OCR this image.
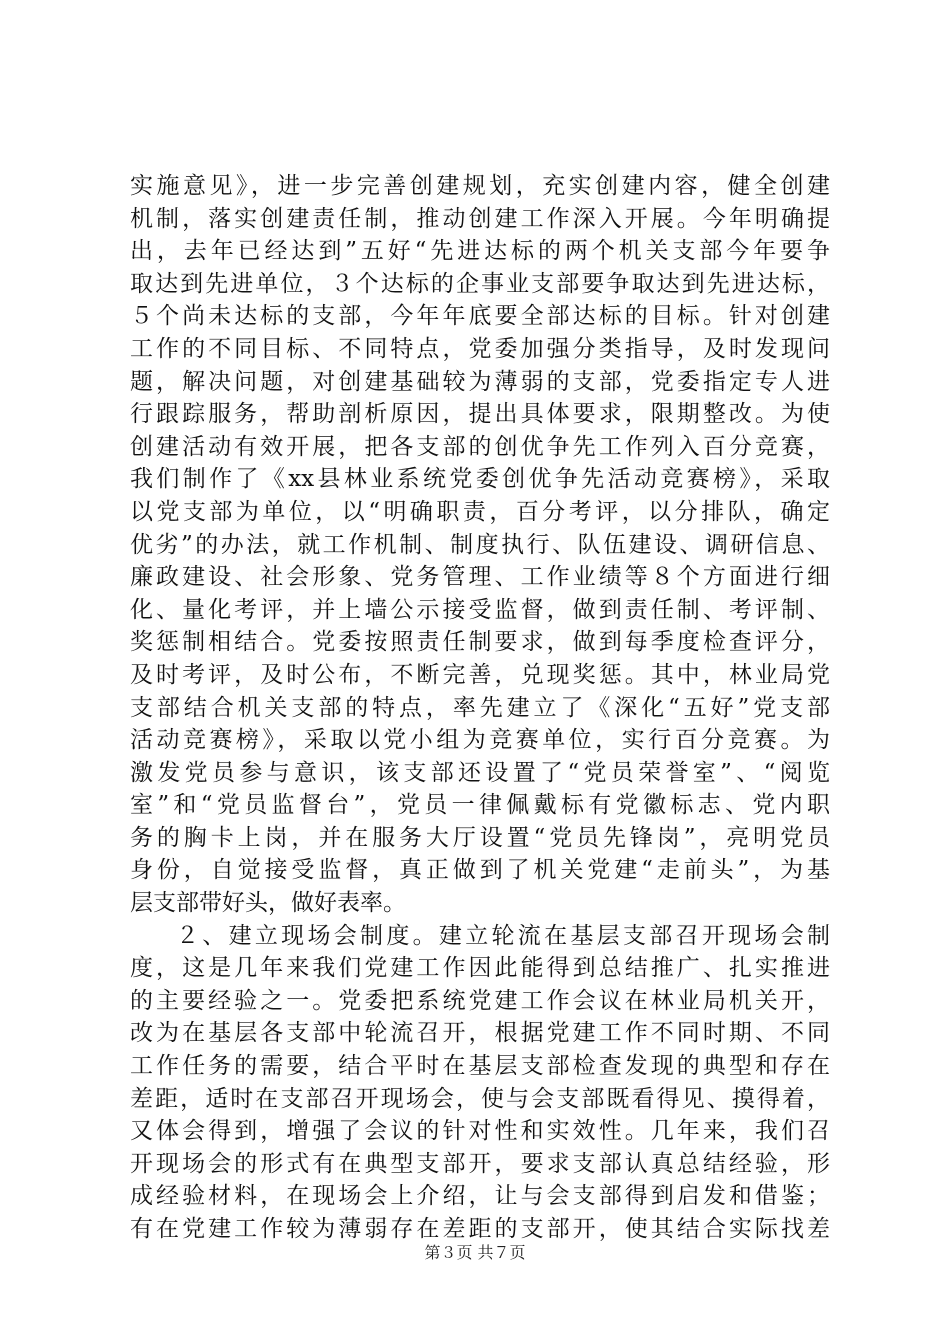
实施意见》，进一步完善创建规划，充实创建内容，健全创建
机制，落实创建责任制，推动创建工作深入开展。今年明确提
出，去年已经达到”五好“先进达标的两个机关支部今年要争
取达到先进单位，３个达标的企事业支部要争取达到先进达标，
５个尚未达标的支部，今年年底要全部达标的目标。针对创建
工作的不同目标、不同特点，党委加强分类指导，及时发现问
题，解决问题，对创建基础较为薄弱的支部，党委指定专人进
行跟踪服务，帮助剖析原因，提出具体要求，限期整改。为使
创建活动有效开展，把各支部的创优争先工作列入百分竞赛，
我们制作了《xx县林业系统党委创优争先活动竞赛榜》，采取
以党支部为单位，以“明确职责，百分考评，以分排队，确定
优劣”的办法，就工作机制、制度执行、队伍建设、调研信息、
廉政建设、社会形象、党务管理、工作业绩等８个方面进行细
化、量化考评，并上墙公示接受监督，做到责任制、考评制、
奖惩制相结合。党委按照责任制要求，做到每季度检查评分，
及时考评，及时公布，不断完善，兑现奖惩。其中，林业局党
支部结合机关支部的特点，率先建立了《深化“五好”党支部
活动竞赛榜》，采取以党小组为竞赛单位，实行百分竞赛。为
激发党员参与意识，该支部还设置了“党员荣誉室”、“阅览
室”和“党员监督台”，党员一律佩戴标有党徽标志、党内职
务的胸卡上岗，并在服务大厅设置“党员先锋岗”，亮明党员
身份，自觉接受监督，真正做到了机关党建“走前头”，为基
层支部带好头，做好表率。
２、建立现场会制度。建立轮流在基层支部召开现场会制
度，这是几年来我们党建工作因此能得到总结推广、扎实推进
的主要经验之一。党委把系统党建工作会议在林业局机关开，
改为在基层各支部中轮流召开，根据党建工作不同时期、不同
工作任务的需要，结合平时在基层支部检查发现的典型和存在
差距，适时在支部召开现场会，使与会支部既看得见、摸得着，
又体会得到，增强了会议的针对性和实效性。几年来，我们召
开现场会的形式有在典型支部开，要求支部认真总结经验，形
成经验材料，在现场会上介绍，让与会支部得到启发和借鉴；
有在党建工作较为薄弱存在差距的支部开，使其结合实际找差
第３页 共７页
